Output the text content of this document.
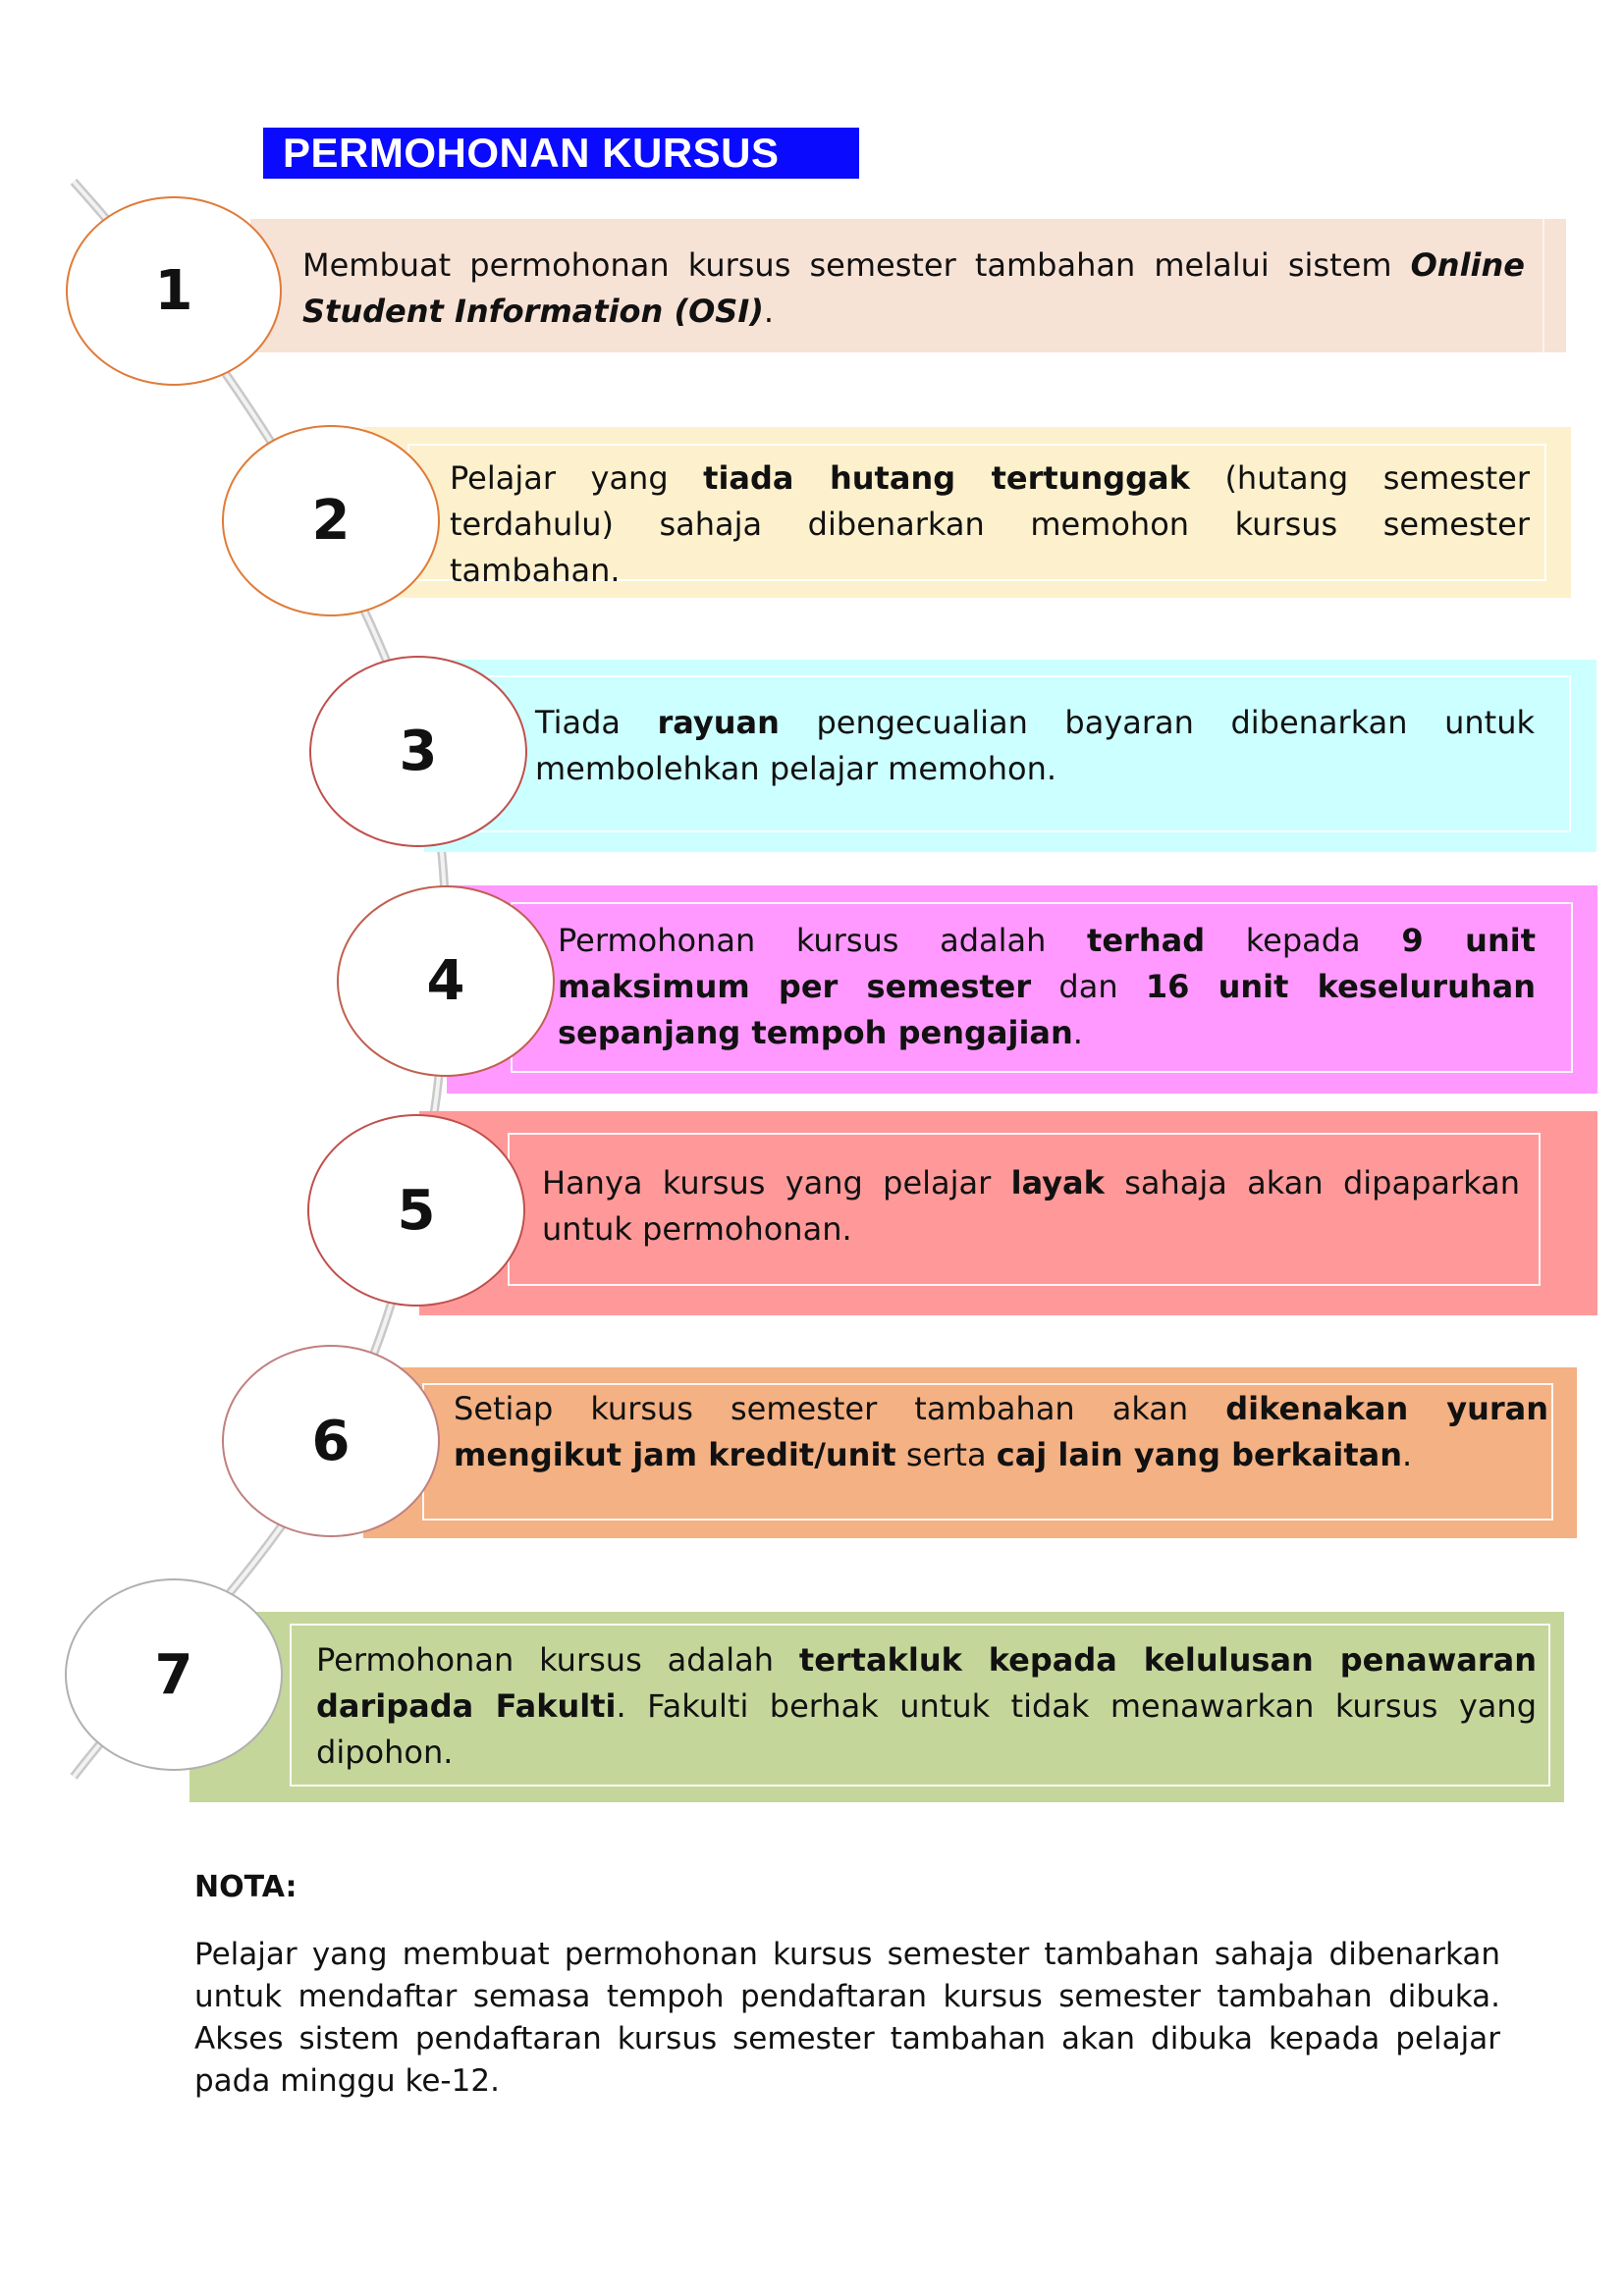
PERMOHONAN KURSUS
Membuat permohonan kursus semester tambahan melalui sistem Online Student Information (OSI).
1
Pelajar yang tiada hutang tertunggak (hutang semester terdahulu) sahaja dibenarkan memohon kursus semester tambahan.
2
Tiada rayuan pengecualian bayaran dibenarkan untuk membolehkan pelajar memohon.
3
Permohonan kursus adalah terhad kepada 9 unit maksimum per semester dan 16 unit keseluruhan sepanjang tempoh pengajian.
4
Hanya kursus yang pelajar layak sahaja akan dipaparkan untuk permohonan.
5
Setiap kursus semester tambahan akan dikenakan yuran mengikut jam kredit/unit serta caj lain yang berkaitan.
6
Permohonan kursus adalah tertakluk kepada kelulusan penawaran daripada Fakulti. Fakulti berhak untuk tidak menawarkan kursus yang dipohon.
7
NOTA:
Pelajar yang membuat permohonan kursus semester tambahan sahaja dibenarkan untuk mendaftar semasa tempoh pendaftaran kursus semester tambahan dibuka. Akses sistem pendaftaran kursus semester tambahan akan dibuka kepada pelajar pada minggu ke-12.
